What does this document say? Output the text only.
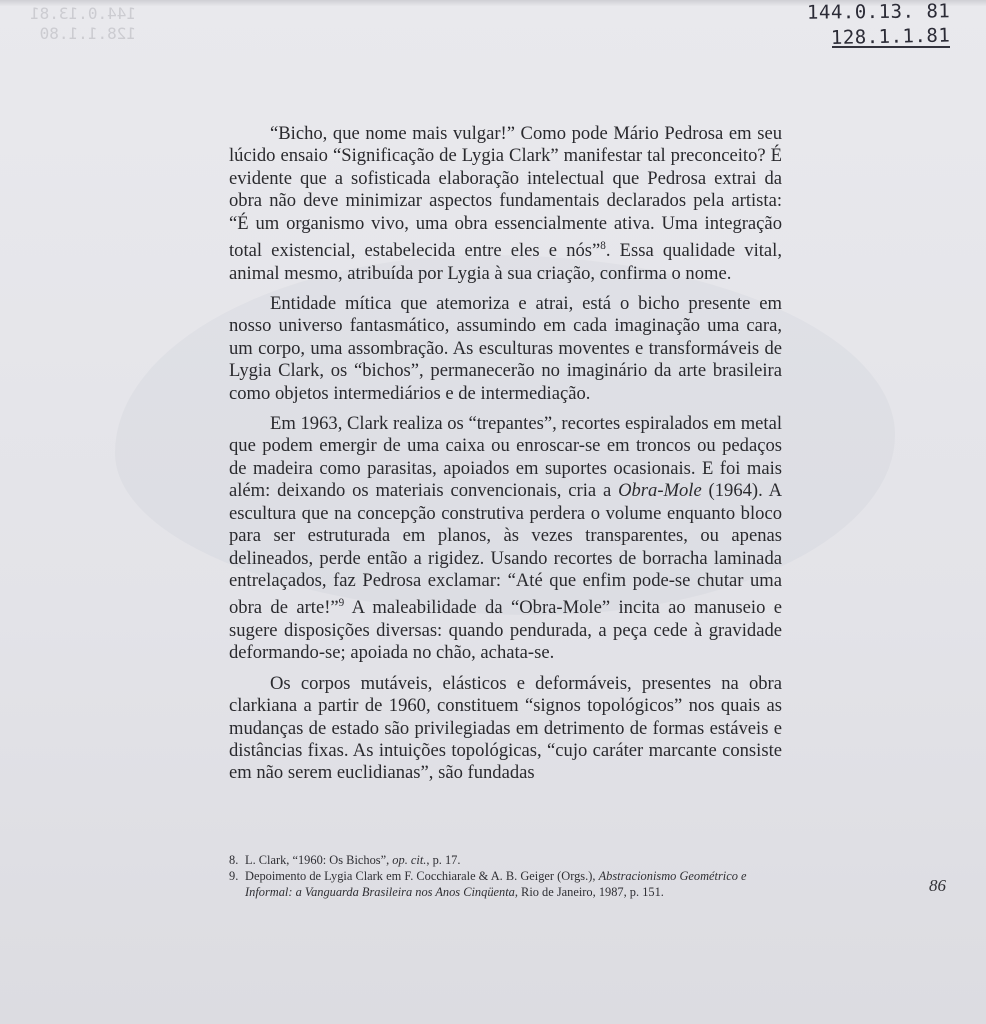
144.0.13.81
128.1.1.80
144.0.13. 81
128.1.1.81

“Bicho, que nome mais vulgar!” Como pode Mário Pedrosa em seu lúcido ensaio “Significação de Lygia Clark” manifestar tal preconceito? É evidente que a sofisticada elaboração intelectual que Pedrosa extrai da obra não deve minimizar aspectos fundamentais declarados pela artista: “É um organismo vivo, uma obra essencialmente ativa. Uma integração total existencial, estabelecida entre eles e nós”$^8$. Essa qualidade vital, animal mesmo, atribuída por Lygia à sua criação, confirma o nome.

Entidade mítica que atemoriza e atrai, está o bicho presente em nosso universo fantasmático, assumindo em cada imaginação uma cara, um corpo, uma assombração. As esculturas moventes e transformáveis de Lygia Clark, os “bichos”, permanecerão no imaginário da arte brasileira como objetos intermediários e de intermediação.

Em 1963, Clark realiza os “trepantes”, recortes espiralados em metal que podem emergir de uma caixa ou enroscar-se em troncos ou pedaços de madeira como parasitas, apoiados em suportes ocasionais. E foi mais além: deixando os materiais convencionais, cria a Obra-Mole (1964). A escultura que na concepção construtiva perdera o volume enquanto bloco para ser estruturada em planos, às vezes transparentes, ou apenas delineados, perde então a rigidez. Usando recortes de borracha laminada entrelaçados, faz Pedrosa exclamar: “Até que enfim pode-se chutar uma obra de arte!”$^9$ A maleabilidade da “Obra-Mole” incita ao manuseio e sugere disposições diversas: quando pendurada, a peça cede à gravidade deformando-se; apoiada no chão, achata-se.

Os corpos mutáveis, elásticos e deformáveis, presentes na obra clarkiana a partir de 1960, constituem “signos topológicos” nos quais as mudanças de estado são privilegiadas em detrimento de formas estáveis e distâncias fixas. As intuições topológicas, “cujo caráter marcante consiste em não serem euclidianas”, são fundadas

8. L. Clark, “1960: Os Bichos”, op. cit., p. 17.
9. Depoimento de Lygia Clark em F. Cocchiarale & A. B. Geiger (Orgs.), Abstracionismo Geométrico e Informal: a Vanguarda Brasileira nos Anos Cinqüenta, Rio de Janeiro, 1987, p. 151.	86
